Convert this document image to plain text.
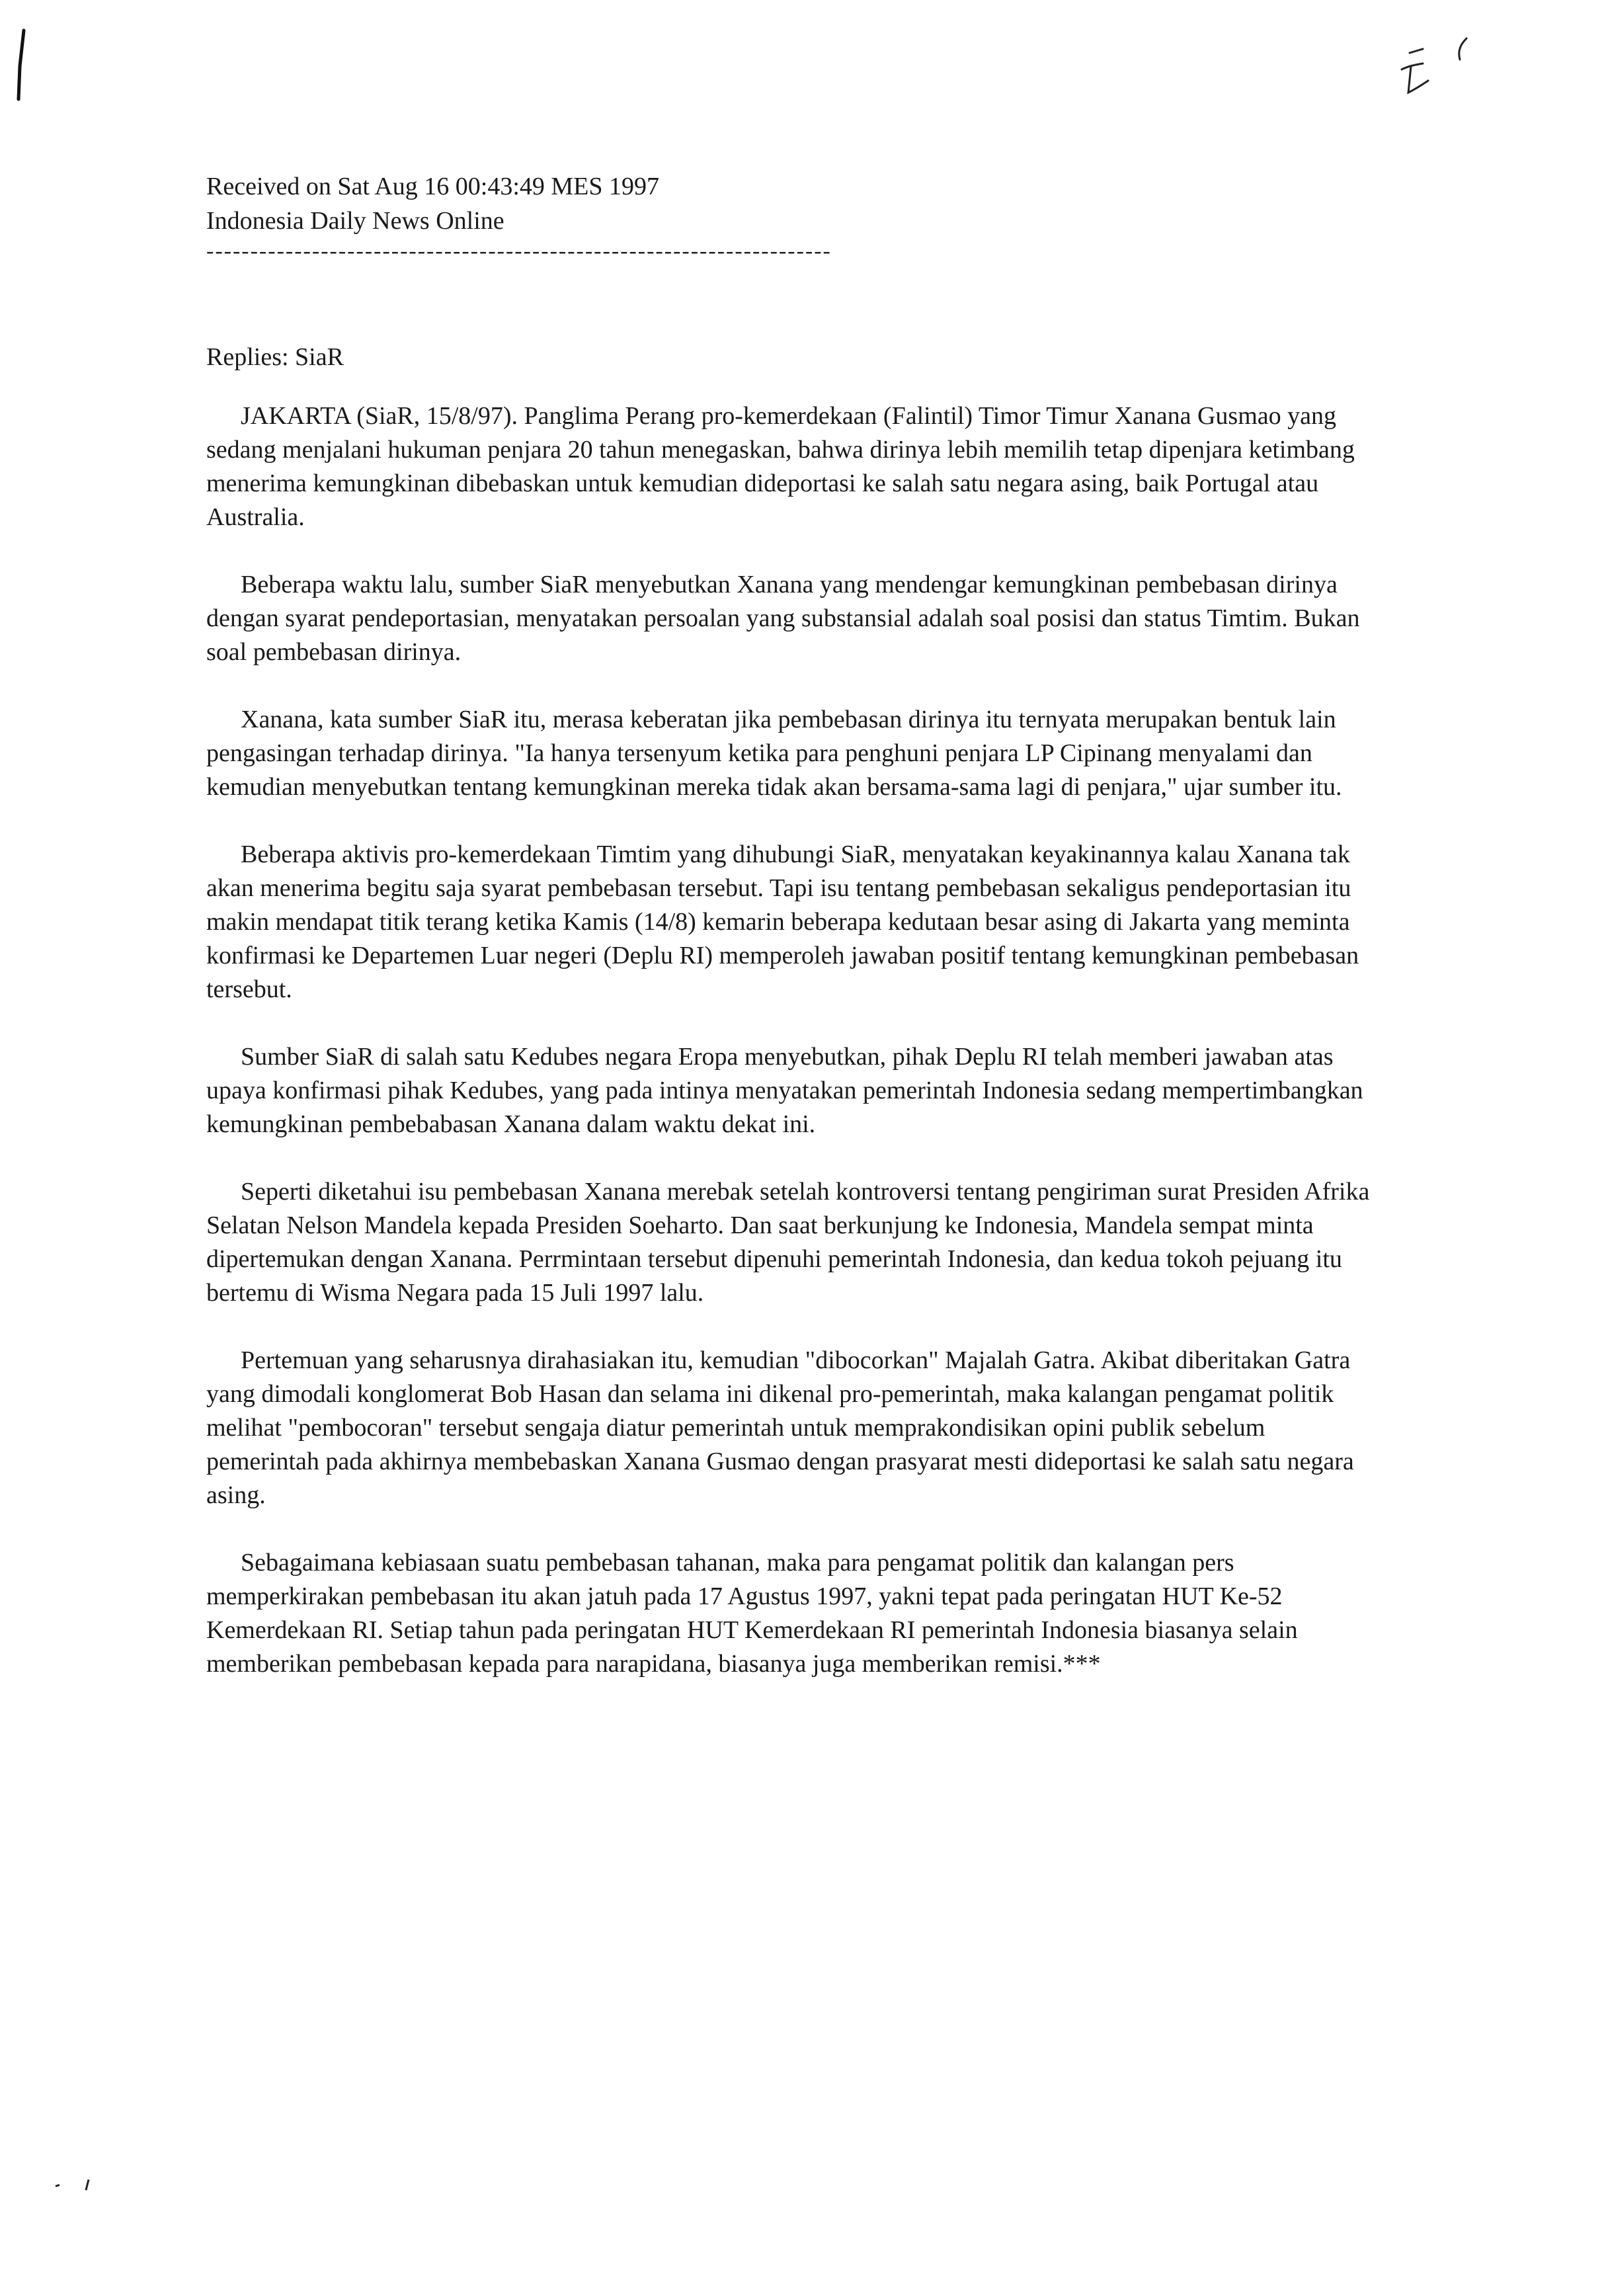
Received on Sat Aug 16 00:43:49 MES 1997
Indonesia Daily News Online
-----------------------------------------------------------------------
Replies: SiaR

JAKARTA (SiaR, 15/8/97). Panglima Perang pro-kemerdekaan (Falintil) Timor Timur Xanana Gusmao yang sedang menjalani hukuman penjara 20 tahun menegaskan, bahwa dirinya lebih memilih tetap dipenjara ketimbang menerima kemungkinan dibebaskan untuk kemudian dideportasi ke salah satu negara asing, baik Portugal atau Australia.

Beberapa waktu lalu, sumber SiaR menyebutkan Xanana yang mendengar kemungkinan pembebasan dirinya dengan syarat pendeportasian, menyatakan persoalan yang substansial adalah soal posisi dan status Timtim. Bukan soal pembebasan dirinya.

Xanana, kata sumber SiaR itu, merasa keberatan jika pembebasan dirinya itu ternyata merupakan bentuk lain pengasingan terhadap dirinya. "Ia hanya tersenyum ketika para penghuni penjara LP Cipinang menyalami dan kemudian menyebutkan tentang kemungkinan mereka tidak akan bersama-sama lagi di penjara," ujar sumber itu.

Beberapa aktivis pro-kemerdekaan Timtim yang dihubungi SiaR, menyatakan keyakinannya kalau Xanana tak akan menerima begitu saja syarat pembebasan tersebut. Tapi isu tentang pembebasan sekaligus pendeportasian itu makin mendapat titik terang ketika Kamis (14/8) kemarin beberapa kedutaan besar asing di Jakarta yang meminta konfirmasi ke Departemen Luar negeri (Deplu RI) memperoleh jawaban positif tentang kemungkinan pembebasan tersebut.

Sumber SiaR di salah satu Kedubes negara Eropa menyebutkan, pihak Deplu RI telah memberi jawaban atas upaya konfirmasi pihak Kedubes, yang pada intinya menyatakan pemerintah Indonesia sedang mempertimbangkan kemungkinan pembebabasan Xanana dalam waktu dekat ini.

Seperti diketahui isu pembebasan Xanana merebak setelah kontroversi tentang pengiriman surat Presiden Afrika Selatan Nelson Mandela kepada Presiden Soeharto. Dan saat berkunjung ke Indonesia, Mandela sempat minta dipertemukan dengan Xanana. Perrmintaan tersebut dipenuhi pemerintah Indonesia, dan kedua tokoh pejuang itu bertemu di Wisma Negara pada 15 Juli 1997 lalu.

Pertemuan yang seharusnya dirahasiakan itu, kemudian "dibocorkan" Majalah Gatra. Akibat diberitakan Gatra yang dimodali konglomerat Bob Hasan dan selama ini dikenal pro-pemerintah, maka kalangan pengamat politik melihat "pembocoran" tersebut sengaja diatur pemerintah untuk memprakondisikan opini publik sebelum pemerintah pada akhirnya membebaskan Xanana Gusmao dengan prasyarat mesti dideportasi ke salah satu negara asing.

Sebagaimana kebiasaan suatu pembebasan tahanan, maka para pengamat politik dan kalangan pers memperkirakan pembebasan itu akan jatuh pada 17 Agustus 1997, yakni tepat pada peringatan HUT Ke-52 Kemerdekaan RI. Setiap tahun pada peringatan HUT Kemerdekaan RI pemerintah Indonesia biasanya selain memberikan pembebasan kepada para narapidana, biasanya juga memberikan remisi.***
